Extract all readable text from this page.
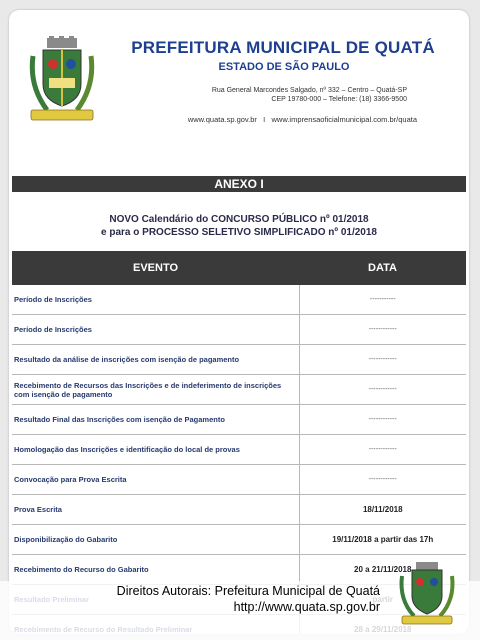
PREFEITURA MUNICIPAL DE QUATÁ
ESTADO DE SÃO PAULO
Rua General Marcondes Salgado, nº 332 – Centro – Quatá-SP
CEP 19780-000 – Telefone: (18) 3366-9500
www.quata.sp.gov.br I www.imprensaoficialmunicipal.com.br/quata
ANEXO I
NOVO Calendário do CONCURSO PÚBLICO nº 01/2018
e para o PROCESSO SELETIVO SIMPLIFICADO nº 01/2018
EVENTO	DATA
Período de Inscrições	-----------
Período de Inscrições	------------
Resultado da análise de inscrições com isenção de pagamento	------------
Recebimento de Recursos das Inscrições e de indeferimento de inscrições com isenção de pagamento	------------
Resultado Final das Inscrições com isenção de Pagamento	------------
Homologação das Inscrições e identificação do local de provas	------------
Convocação para Prova Escrita	------------
Prova Escrita	18/11/2018
Disponibilização do Gabarito	19/11/2018 a partir das 17h
Recebimento do Recurso do Gabarito	20 a 21/11/2018

Direitos Autorais: Prefeitura Municipal de Quatá
http://www.quata.sp.gov.br
